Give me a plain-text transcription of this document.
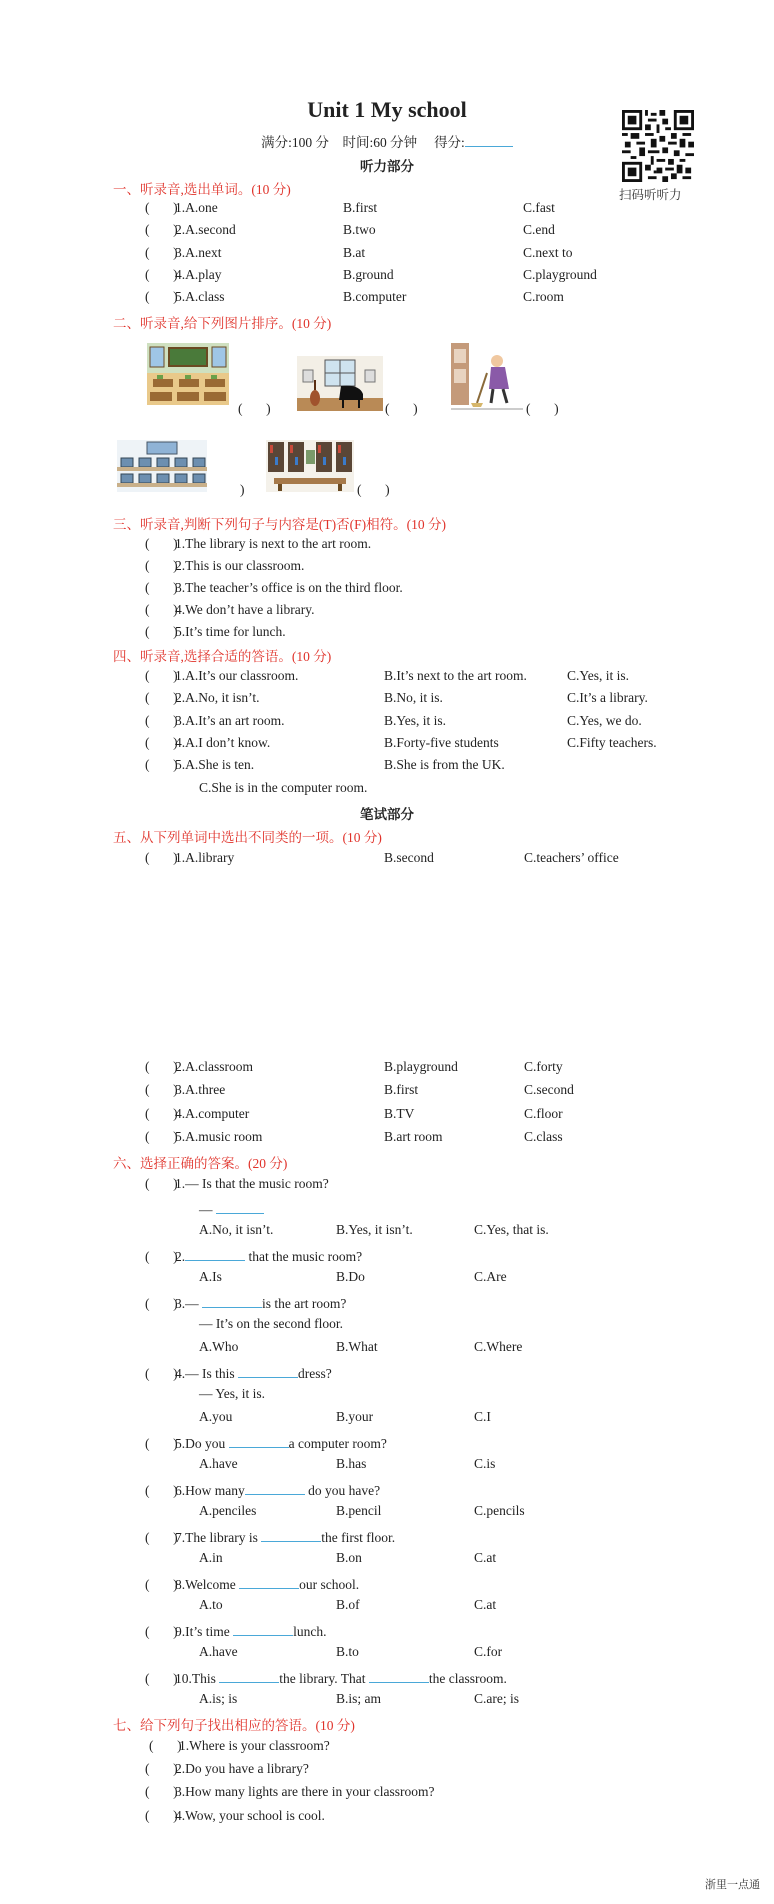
Unit 1 My school
满分:100 分 时间:60 分钟 得分:
扫码听听力
听力部分
一、听录音,选出单词。(10 分)
(       )1.A.one	B.first	C.fast
(       )2.A.second	B.two	C.end
(       )3.A.next	B.at	C.next to
(       )4.A.play	B.ground	C.playground
(       )5.A.class	B.computer	C.room
二、听录音,给下列图片排序。(10 分)
(       )	(       )	(       )
)	(       )
三、听录音,判断下列句子与内容是(T)否(F)相符。(10 分)
(       )1.The library is next to the art room.
(       )2.This is our classroom.
(       )3.The teacher’s office is on the third floor.
(       )4.We don’t have a library.
(       )5.It’s time for lunch.
四、听录音,选择合适的答语。(10 分)
(       )1.A.It’s our classroom.	B.It’s next to the art room.	C.Yes, it is.
(       )2.A.No, it isn’t.	B.No, it is.	C.It’s a library.
(       )3.A.It’s an art room.	B.Yes, it is.	C.Yes, we do.
(       )4.A.I don’t know.	B.Forty-five students	C.Fifty teachers.
(       )5.A.She is ten.	B.She is from the UK.
C.She is in the computer room.
笔试部分
五、从下列单词中选出不同类的一项。(10 分)
(       )1.A.library	B.second	C.teachers’ office
(       )2.A.classroom	B.playground	C.forty
(       )3.A.three	B.first	C.second
(       )4.A.computer	B.TV	C.floor
(       )5.A.music room	B.art room	C.class
六、选择正确的答案。(20 分)
(       )1.— Is that the music room?
—
A.No, it isn’t.	B.Yes, it isn’t.	C.Yes, that is.
(       )2.	that the music room?
A.Is	B.Do	C.Are
(       )3.—	is the art room?
— It’s on the second floor.
A.Who	B.What	C.Where
(       )4.— Is this	dress?
— Yes, it is.
A.you	B.your	C.I
(       )5.Do you	a computer room?
A.have	B.has	C.is
(       )6.How many	do you have?
A.penciles	B.pencil	C.pencils
(       )7.The library is	the first floor.
A.in	B.on	C.at
(       )8.Welcome	our school.
A.to	B.of	C.at
(       )9.It’s time	lunch.
A.have	B.to	C.for
(       )10.This	the library. That	the classroom.
A.is; is	B.is; am	C.are; is
七、给下列句子找出相应的答语。(10 分)
(       )1.Where is your classroom?
(       )2.Do you have a library?
(       )3.How many lights are there in your classroom?
(       )4.Wow, your school is cool.
浙里一点通
